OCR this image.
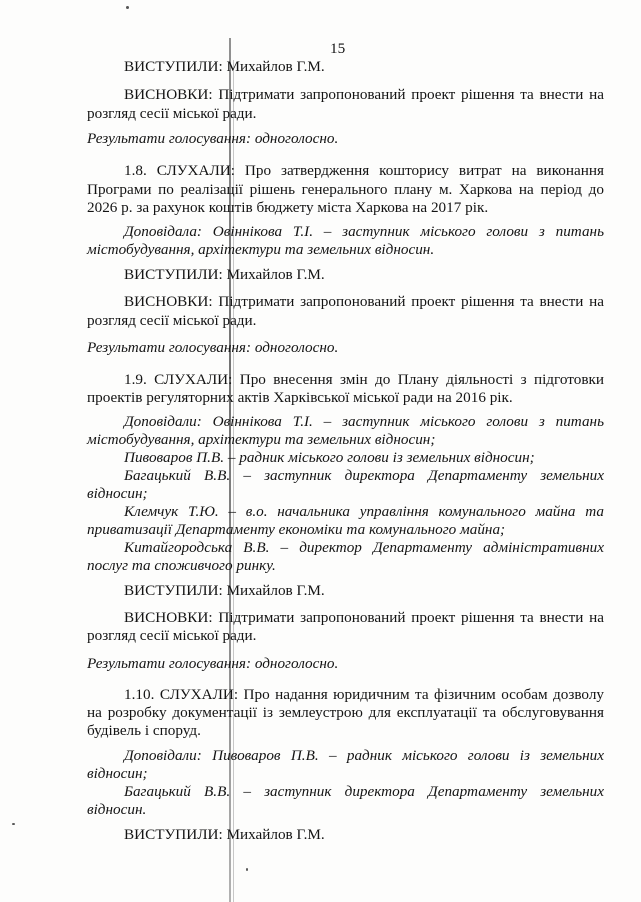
15

ВИСТУПИЛИ: Михайлов Г.М.

ВИСНОВКИ: Підтримати запропонований проект рішення та внести на

розгляд сесії міської ради.

Результати голосування: одноголосно.

1.8. СЛУХАЛИ: Про затвердження кошторису витрат на виконання

Програми по реалізації рішень генерального плану м. Харкова на період до

2026 р. за рахунок коштів бюджету міста Харкова на 2017 рік.

Доповідала: Овіннікова Т.І. – заступник міського голови з питань

містобудування, архітектури та земельних відносин.

ВИСТУПИЛИ: Михайлов Г.М.

ВИСНОВКИ: Підтримати запропонований проект рішення та внести на

розгляд сесії міської ради.

Результати голосування: одноголосно.

1.9. СЛУХАЛИ: Про внесення змін до Плану діяльності з підготовки

проектів регуляторних актів Харківської міської ради на 2016 рік.

Доповідали: Овіннікова Т.І. – заступник міського голови з питань

містобудування, архітектури та земельних відносин;

Пивоваров П.В. – радник міського голови із земельних відносин;

Багацький В.В. – заступник директора Департаменту земельних

відносин;

Клемчук Т.Ю. – в.о. начальника управління комунального майна та

приватизації Департаменту економіки та комунального майна;

Китайгородська В.В. – директор Департаменту адміністративних

послуг та споживчого ринку.

ВИСТУПИЛИ: Михайлов Г.М.

ВИСНОВКИ: Підтримати запропонований проект рішення та внести на

розгляд сесії міської ради.

Результати голосування: одноголосно.

1.10. СЛУХАЛИ: Про надання юридичним та фізичним особам дозволу

на розробку документації із землеустрою для експлуатації та обслуговування

будівель і споруд.

Доповідали: Пивоваров П.В. – радник міського голови із земельних

відносин;

Багацький В.В. – заступник директора Департаменту земельних

відносин.

ВИСТУПИЛИ: Михайлов Г.М.
